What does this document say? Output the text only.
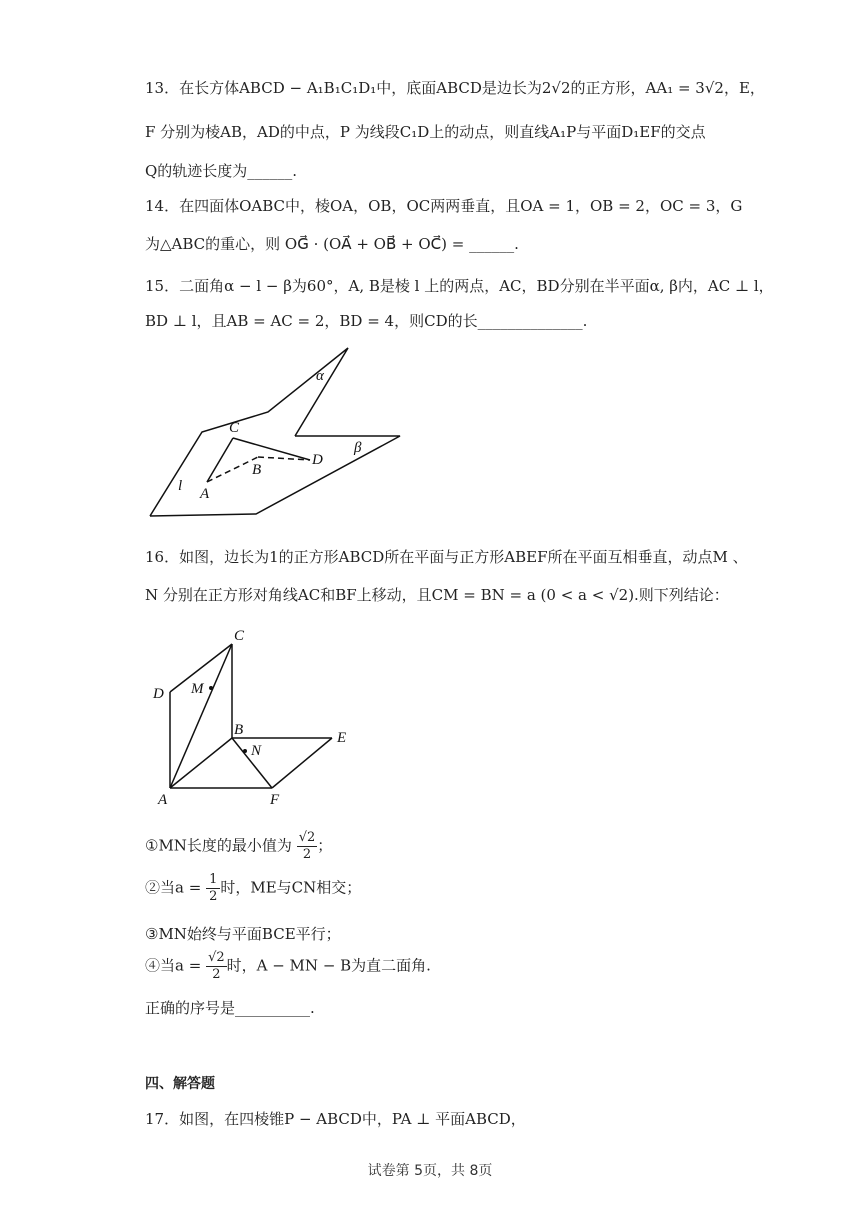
13．在长方体ABCD − A₁B₁C₁D₁中，底面ABCD是边长为2√2的正方形，AA₁ = 3√2，E，
F 分别为棱AB，AD的中点，P 为线段C₁D上的动点，则直线A₁P与平面D₁EF的交点
Q的轨迹长度为______.
14．在四面体OABC中，棱OA，OB，OC两两垂直，且OA = 1，OB = 2，OC = 3，G
为△ABC的重心，则 OG⃗ · (OA⃗ + OB⃗ + OC⃗) = ______.
15．二面角α − l − β为60°，A, B是棱 l 上的两点，AC，BD分别在半平面α, β内，AC ⊥ l，
BD ⊥ l，且AB = AC = 2，BD = 4，则CD的长______________.
α
β
C
B
D
l A
16．如图，边长为1的正方形ABCD所在平面与正方形ABEF所在平面互相垂直，动点M 、
N 分别在正方形对角线AC和BF上移动，且CM = BN = a (0 < a < √2).则下列结论：
C
D M
B
N
E
A	F
①MN长度的最小值为 $\frac{√2}{2}$ ；
②当$a = \frac{1}{2}$ 时，ME与CN相交；
③MN始终与平面BCE平行；
④当$a = \frac{√2}{2}$ 时，A − MN − B为直二面角.
正确的序号是__________.
四、解答题
17．如图，在四棱锥P − ABCD中，PA ⊥ 平面ABCD，
试卷第 5页，共 8页
